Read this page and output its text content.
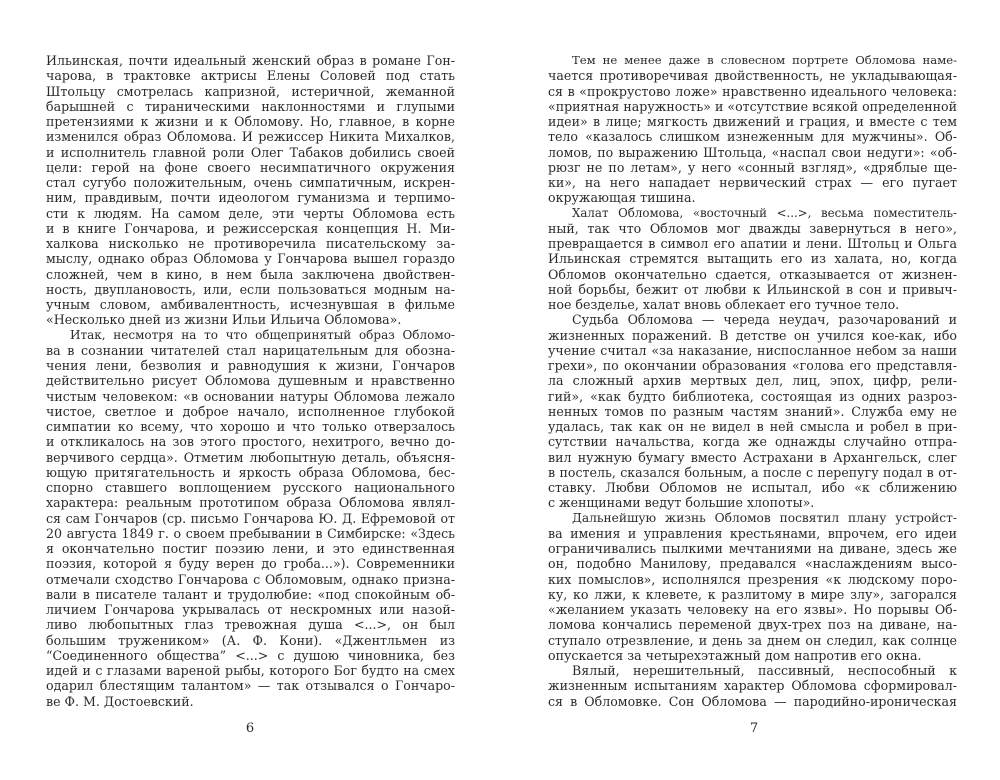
Ильинская, почти идеальный женский образ в романе Гон-
чарова, в трактовке актрисы Елены Соловей под стать
Штольцу смотрелась капризной, истеричной, жеманной
барышней с тираническими наклонностями и глупыми
претензиями к жизни и к Обломову. Но, главное, в корне
изменился образ Обломова. И режиссер Никита Михалков,
и исполнитель главной роли Олег Табаков добились своей
цели: герой на фоне своего несимпатичного окружения
стал сугубо положительным, очень симпатичным, искрен-
ним, правдивым, почти идеологом гуманизма и терпимо-
сти к людям. На самом деле, эти черты Обломова есть
и в книге Гончарова, и режиссерская концепция Н. Ми-
халкова нисколько не противоречила писательскому за-
мыслу, однако образ Обломова у Гончарова вышел гораздо
сложней, чем в кино, в нем была заключена двойствен-
ность, двуплановость, или, если пользоваться модным на-
учным словом, амбивалентность, исчезнувшая в фильме
«Несколько дней из жизни Ильи Ильича Обломова».
Итак, несмотря на то что общепринятый образ Обломо-
ва в сознании читателей стал нарицательным для обозна-
чения лени, безволия и равнодушия к жизни, Гончаров
действительно рисует Обломова душевным и нравственно
чистым человеком: «в основании натуры Обломова лежало
чистое, светлое и доброе начало, исполненное глубокой
симпатии ко всему, что хорошо и что только отверзалось
и откликалось на зов этого простого, нехитрого, вечно до-
верчивого сердца». Отметим любопытную деталь, объясня-
ющую притягательность и яркость образа Обломова, бес-
спорно ставшего воплощением русского национального
характера: реальным прототипом образа Обломова являл-
ся сам Гончаров (ср. письмо Гончарова Ю. Д. Ефремовой от
20 августа 1849 г. о своем пребывании в Симбирске: «Здесь
я окончательно постиг поэзию лени, и это единственная
поэзия, которой я буду верен до гроба...»). Современники
отмечали сходство Гончарова с Обломовым, однако призна-
вали в писателе талант и трудолюбие: «под спокойным об-
личием Гончарова укрывалась от нескромных или назой-
ливо любопытных глаз тревожная душа <...>, он был
большим тружеником» (А. Ф. Кони). «Джентльмен из
“Соединенного общества” <...> с душою чиновника, без
идей и с глазами вареной рыбы, которого Бог будто на смех
одарил блестящим талантом» — так отзывался о Гончаро-
ве Ф. М. Достоевский.
6
Тем не менее даже в словесном портрете Обломова наме-
чается противоречивая двойственность, не укладывающая-
ся в «прокрустово ложе» нравственно идеального человека:
«приятная наружность» и «отсутствие всякой определенной
идеи» в лице; мягкость движений и грация, и вместе с тем
тело «казалось слишком изнеженным для мужчины». Об-
ломов, по выражению Штольца, «наспал свои недуги»: «об-
рюзг не по летам», у него «сонный взгляд», «дряблые ще-
ки», на него нападает нервический страх — его пугает
окружающая тишина.
Халат Обломова, «восточный <...>, весьма поместитель-
ный, так что Обломов мог дважды завернуться в него»,
превращается в символ его апатии и лени. Штольц и Ольга
Ильинская стремятся вытащить его из халата, но, когда
Обломов окончательно сдается, отказывается от жизнен-
ной борьбы, бежит от любви к Ильинской в сон и привыч-
ное безделье, халат вновь облекает его тучное тело.
Судьба Обломова — череда неудач, разочарований и
жизненных поражений. В детстве он учился кое-как, ибо
учение считал «за наказание, ниспосланное небом за наши
грехи», по окончании образования «голова его представля-
ла сложный архив мертвых дел, лиц, эпох, цифр, рели-
гий», «как будто библиотека, состоящая из одних разроз-
ненных томов по разным частям знаний». Служба ему не
удалась, так как он не видел в ней смысла и робел в при-
сутствии начальства, когда же однажды случайно отпра-
вил нужную бумагу вместо Астрахани в Архангельск, слег
в постель, сказался больным, а после с перепугу подал в от-
ставку. Любви Обломов не испытал, ибо «к сближению
с женщинами ведут большие хлопоты».
Дальнейшую жизнь Обломов посвятил плану устройст-
ва имения и управления крестьянами, впрочем, его идеи
ограничивались пылкими мечтаниями на диване, здесь же
он, подобно Манилову, предавался «наслаждениям высо-
ких помыслов», исполнялся презрения «к людскому поро-
ку, ко лжи, к клевете, к разлитому в мире злу», загорался
«желанием указать человеку на его язвы». Но порывы Об-
ломова кончались переменой двух-трех поз на диване, на-
ступало отрезвление, и день за днем он следил, как солнце
опускается за четырехэтажный дом напротив его окна.
Вялый, нерешительный, пассивный, неспособный к
жизненным испытаниям характер Обломова сформировал-
ся в Обломовке. Сон Обломова — пародийно-ироническая
7
